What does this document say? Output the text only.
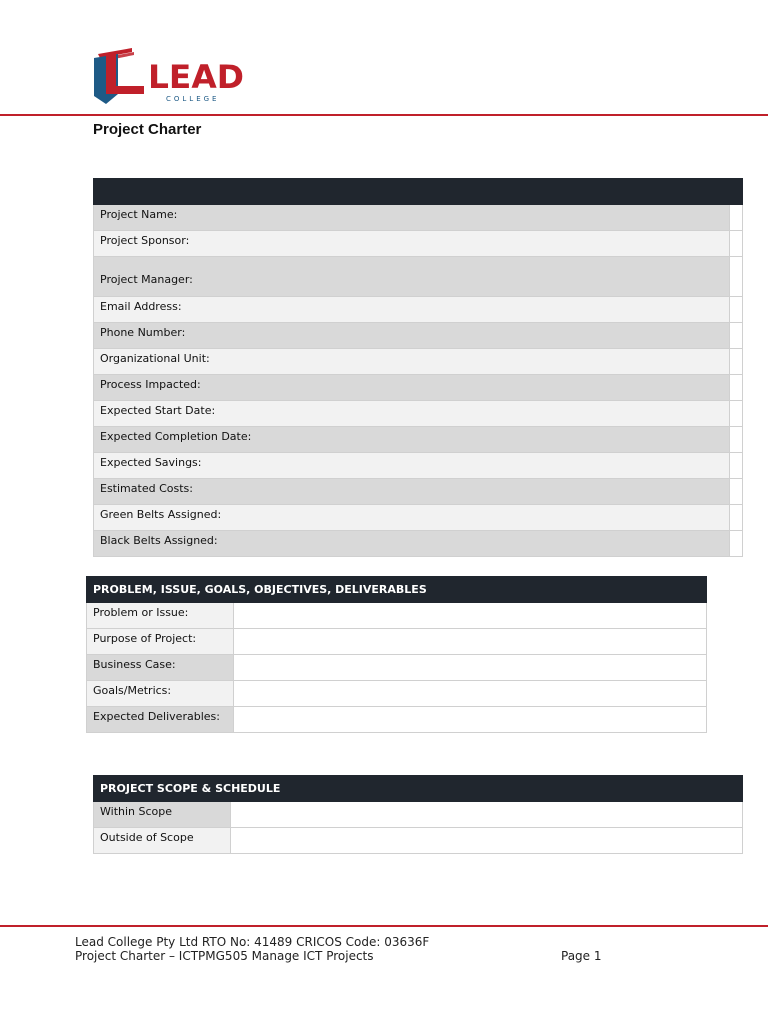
LEAD
COLLEGE
Project Charter

Project Name:	
Project Sponsor:	
Project Manager:	
Email Address:	
Phone Number:	
Organizational Unit:	
Process Impacted:	
Expected Start Date:	
Expected Completion Date:	
Expected Savings:	
Estimated Costs:	
Green Belts Assigned:	
Black Belts Assigned:	
PROBLEM, ISSUE, GOALS, OBJECTIVES, DELIVERABLES	
Problem or Issue:	
Purpose of Project:	
Business Case:	
Goals/Metrics:	
Expected Deliverables:	
PROJECT SCOPE & SCHEDULE	
Within Scope	
Outside of Scope	
Lead College Pty Ltd RTO No: 41489 CRICOS Code: 03636F
Project Charter – ICTPMG505 Manage ICT Projects	Page 1
